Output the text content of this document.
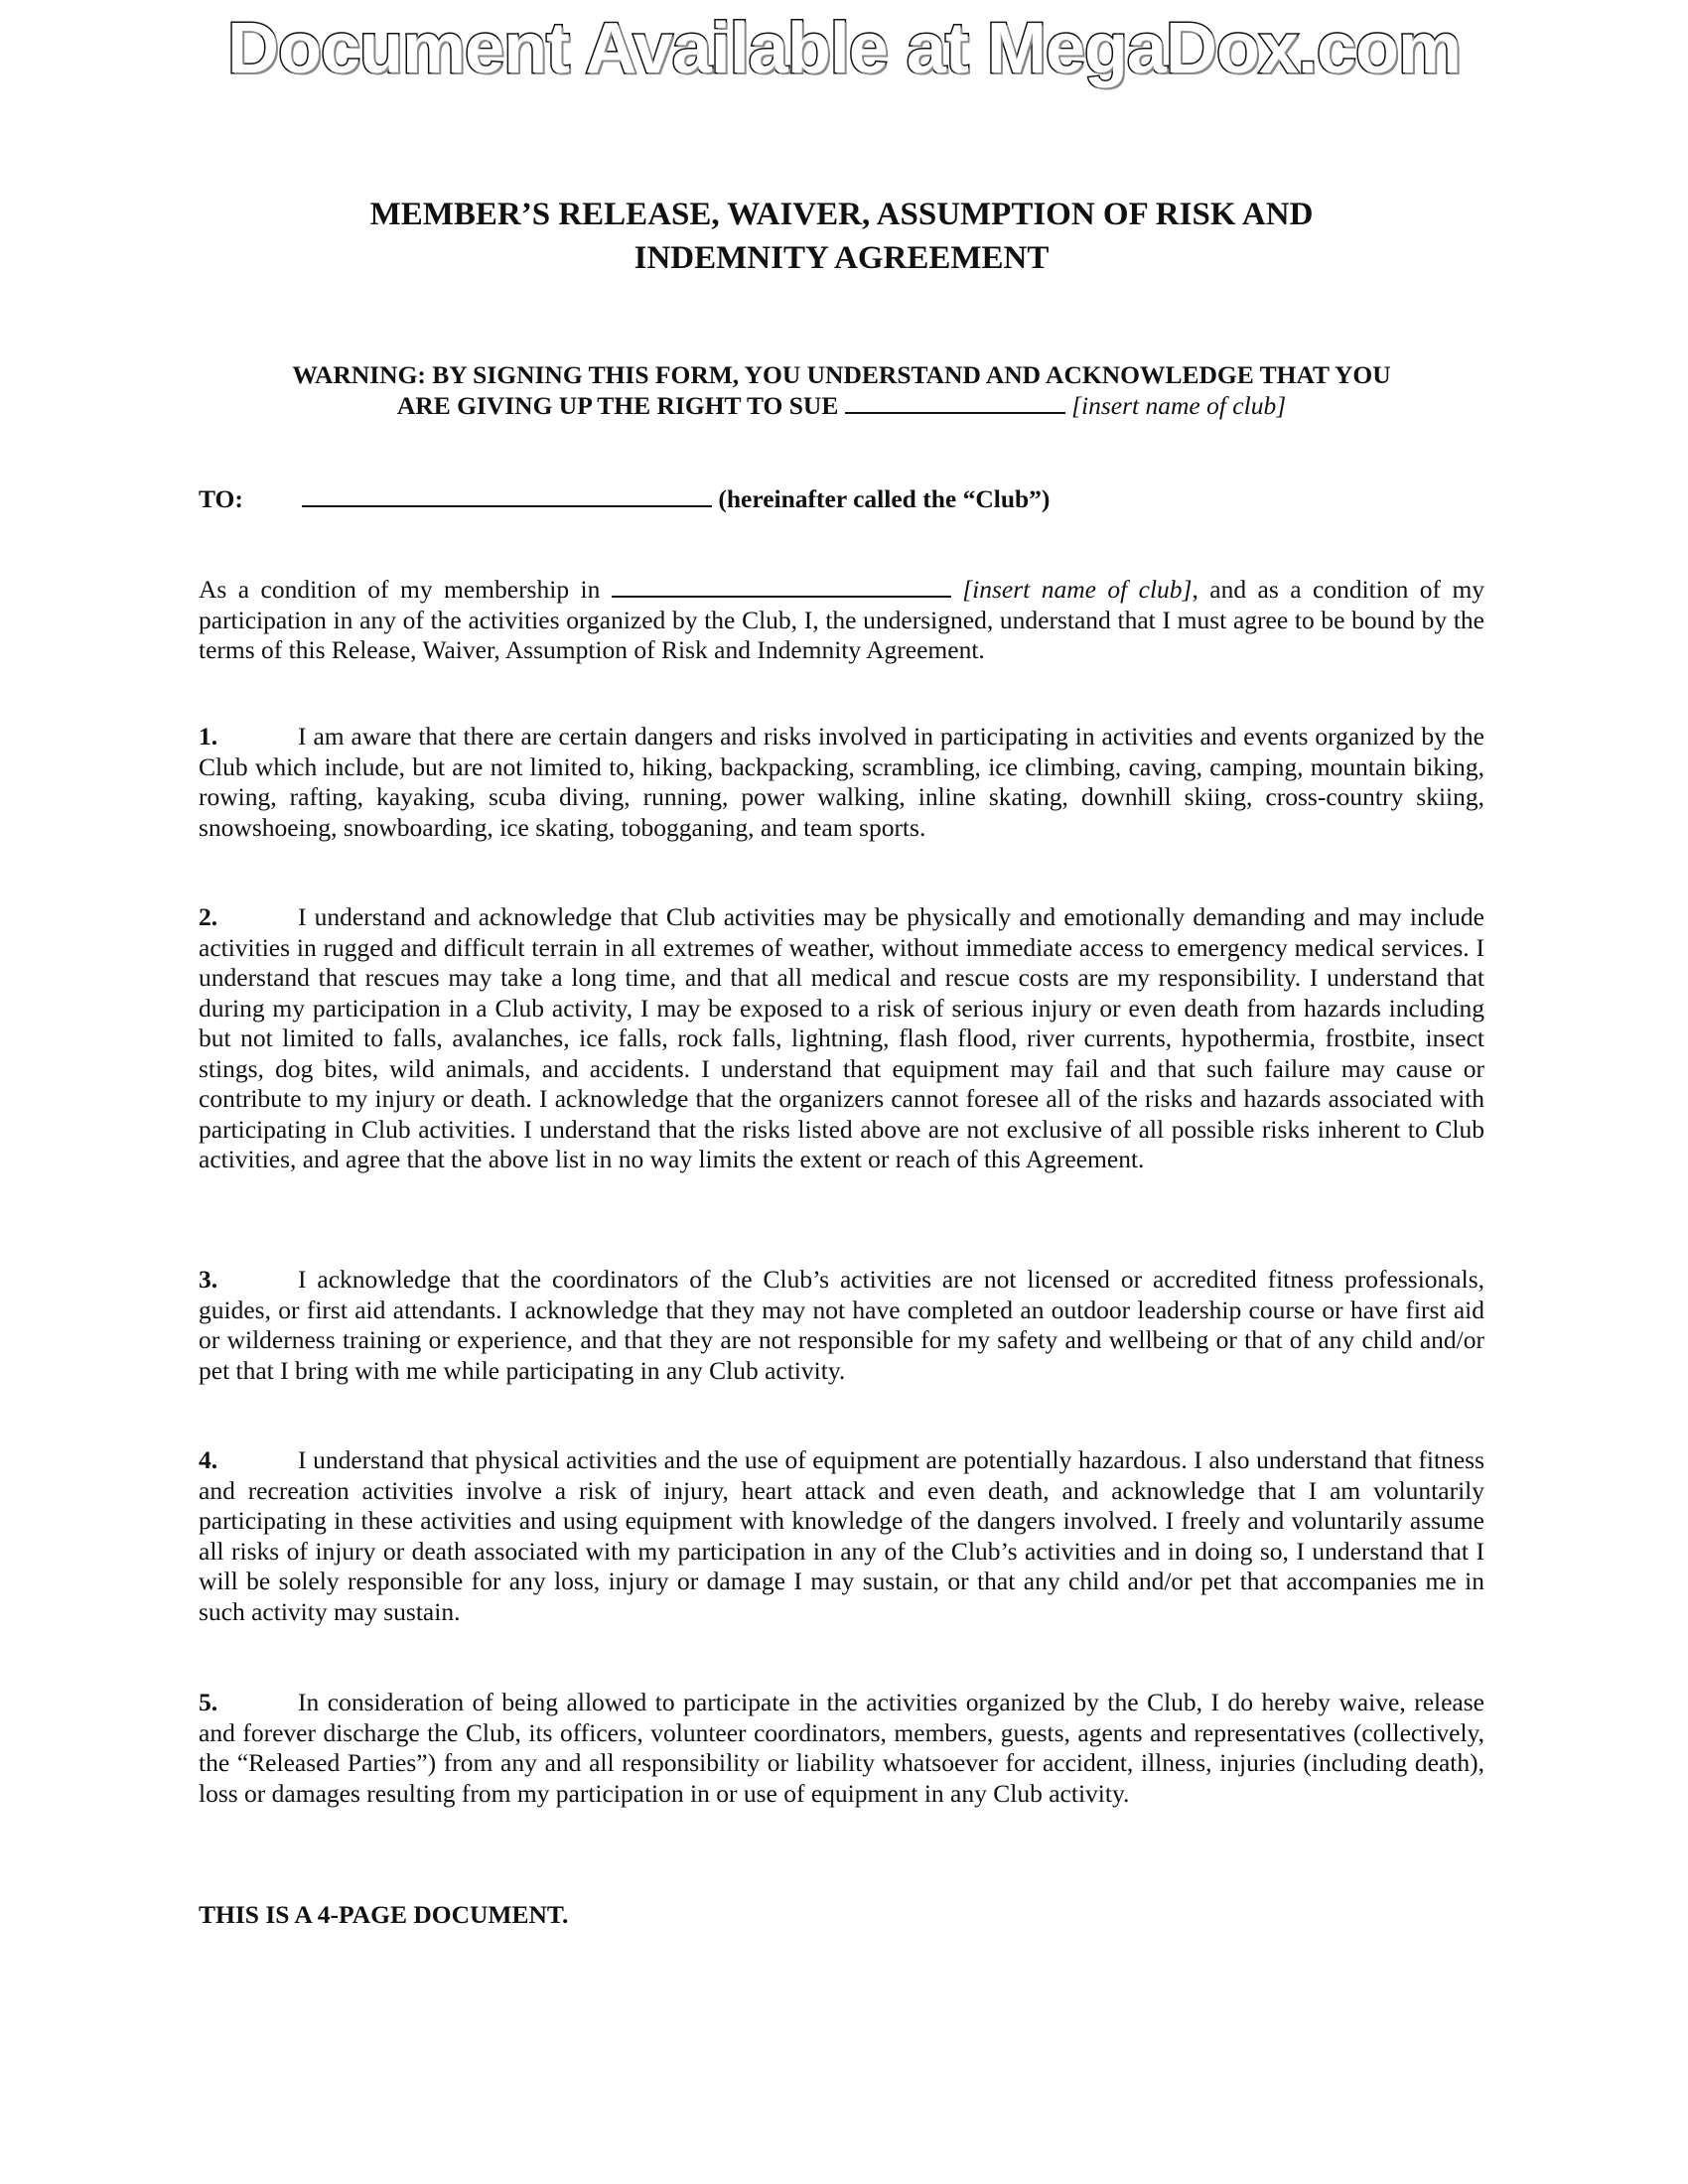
Document Available at MegaDox.com
MEMBER’S RELEASE, WAIVER, ASSUMPTION OF RISK AND
INDEMNITY AGREEMENT
WARNING: BY SIGNING THIS FORM, YOU UNDERSTAND AND ACKNOWLEDGE THAT YOU
ARE GIVING UP THE RIGHT TO SUE	[insert name of club]
TO:	(hereinafter called the “Club”)
As a condition of my membership in	[insert name of club], and as a condition of my participation in any of the activities organized by the Club, I, the undersigned, understand that I must agree to be bound by the terms of this Release, Waiver, Assumption of Risk and Indemnity Agreement.
1.	I am aware that there are certain dangers and risks involved in participating in activities and events organized by the Club which include, but are not limited to, hiking, backpacking, scrambling, ice climbing, caving, camping, mountain biking, rowing, rafting, kayaking, scuba diving, running, power walking, inline skating, downhill skiing, cross-country skiing, snowshoeing, snowboarding, ice skating, tobogganing, and team sports.
2.	I understand and acknowledge that Club activities may be physically and emotionally demanding and may include activities in rugged and difficult terrain in all extremes of weather, without immediate access to emergency medical services. I understand that rescues may take a long time, and that all medical and rescue costs are my responsibility. I understand that during my participation in a Club activity, I may be exposed to a risk of serious injury or even death from hazards including but not limited to falls, avalanches, ice falls, rock falls, lightning, flash flood, river currents, hypothermia, frostbite, insect stings, dog bites, wild animals, and accidents. I understand that equipment may fail and that such failure may cause or contribute to my injury or death. I acknowledge that the organizers cannot foresee all of the risks and hazards associated with participating in Club activities. I understand that the risks listed above are not exclusive of all possible risks inherent to Club activities, and agree that the above list in no way limits the extent or reach of this Agreement.
3.	I acknowledge that the coordinators of the Club’s activities are not licensed or accredited fitness professionals, guides, or first aid attendants. I acknowledge that they may not have completed an outdoor leadership course or have first aid or wilderness training or experience, and that they are not responsible for my safety and wellbeing or that of any child and/or pet that I bring with me while participating in any Club activity.
4.	I understand that physical activities and the use of equipment are potentially hazardous. I also understand that fitness and recreation activities involve a risk of injury, heart attack and even death, and acknowledge that I am voluntarily participating in these activities and using equipment with knowledge of the dangers involved. I freely and voluntarily assume all risks of injury or death associated with my participation in any of the Club’s activities and in doing so, I understand that I will be solely responsible for any loss, injury or damage I may sustain, or that any child and/or pet that accompanies me in such activity may sustain.
5.	In consideration of being allowed to participate in the activities organized by the Club, I do hereby waive, release and forever discharge the Club, its officers, volunteer coordinators, members, guests, agents and representatives (collectively, the “Released Parties”) from any and all responsibility or liability whatsoever for accident, illness, injuries (including death), loss or damages resulting from my participation in or use of equipment in any Club activity.
THIS IS A 4-PAGE DOCUMENT.
